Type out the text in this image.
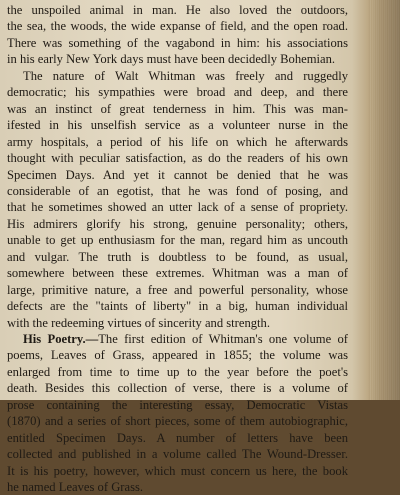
the unspoiled animal in man. He also loved the outdoors,
the sea, the woods, the wide expanse of field, and the open road.
There was something of the vagabond in him: his associations
in his early New York days must have been decidedly Bohemian.
The nature of Walt Whitman was freely and ruggedly
democratic; his sympathies were broad and deep, and there
was an instinct of great tenderness in him. This was man-
ifested in his unselfish service as a volunteer nurse in the
army hospitals, a period of his life on which he afterwards
thought with peculiar satisfaction, as do the readers of his own
Specimen Days. And yet it cannot be denied that he was
considerable of an egotist, that he was fond of posing, and
that he sometimes showed an utter lack of a sense of propriety.
His admirers glorify his strong, genuine personality; others,
unable to get up enthusiasm for the man, regard him as uncouth
and vulgar. The truth is doubtless to be found, as usual,
somewhere between these extremes. Whitman was a man of
large, primitive nature, a free and powerful personality, whose
defects are the "taints of liberty" in a big, human individual
with the redeeming virtues of sincerity and strength.
His Poetry.—The first edition of Whitman's one volume of
poems, Leaves of Grass, appeared in 1855; the volume was
enlarged from time to time up to the year before the poet's
death. Besides this collection of verse, there is a volume of
prose containing the interesting essay, Democratic Vistas
(1870) and a series of short pieces, some of them autobiographic,
entitled Specimen Days. A number of letters have been
collected and published in a volume called The Wound-Dresser.
It is his poetry, however, which must concern us here, the book
he named Leaves of Grass.
